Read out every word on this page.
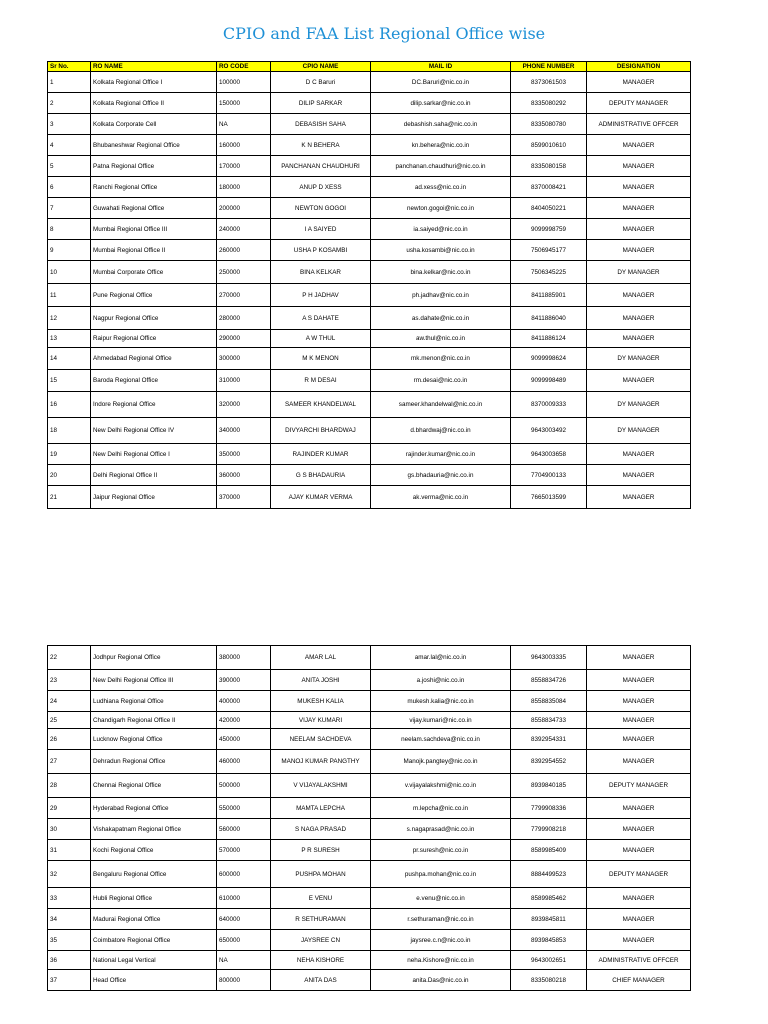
CPIO and FAA List Regional Office wise
Sr No.	RO NAME	RO CODE	CPIO NAME	MAIL ID	PHONE NUMBER	DESIGNATION
1	Kolkata Regional Office I	100000	D C Baruri	DC.Baruri@nic.co.in	8373061503	MANAGER
2	Kolkata Regional Office II	150000	DILIP SARKAR	dilip.sarkar@nic.co.in	8335080292	DEPUTY MANAGER
3	Kolkata Corporate Cell	NA	DEBASISH SAHA	debashish.saha@nic.co.in	8335080780	ADMINISTRATIVE OFFCER
4	Bhubaneshwar Regional Office	160000	K N BEHERA	kn.behera@nic.co.in	8599010610	MANAGER
5	Patna Regional Office	170000	PANCHANAN CHAUDHURI	panchanan.chaudhuri@nic.co.in	8335080158	MANAGER
6	Ranchi Regional Office	180000	ANUP D XESS	ad.xess@nic.co.in	8370008421	MANAGER
7	Guwahati Regional Office	200000	NEWTON GOGOI	newton.gogoi@nic.co.in	8404050221	MANAGER
8	Mumbai Regional Office III	240000	I A SAIYED	ia.saiyed@nic.co.in	9099998759	MANAGER
9	Mumbai Regional Office II	260000	USHA P KOSAMBI	usha.kosambi@nic.co.in	7506945177	MANAGER
10	Mumbai Corporate Office	250000	BINA KELKAR	bina.kelkar@nic.co.in	7506345225	DY MANAGER
11	Pune Regional Office	270000	P H JADHAV	ph.jadhav@nic.co.in	8411885901	MANAGER
12	Nagpur Regional Office	280000	A S DAHATE	as.dahate@nic.co.in	8411886040	MANAGER
13	Raipur Regional Office	290000	A W THUL	aw.thul@nic.co.in	8411886124	MANAGER
14	Ahmedabad Regional Office	300000	M K MENON	mk.menon@nic.co.in	9099998624	DY MANAGER
15	Baroda Regional Office	310000	R M DESAI	rm.desai@nic.co.in	9099998489	MANAGER
16	Indore Regional Office	320000	SAMEER KHANDELWAL	sameer.khandelwal@nic.co.in	8370009333	DY MANAGER
18	New Delhi Regional Office IV	340000	DIVYARCHI BHARDWAJ	d.bhardwaj@nic.co.in	9643003492	DY MANAGER
19	New Delhi Regional Office I	350000	RAJINDER KUMAR	rajinder.kumar@nic.co.in	9643003658	MANAGER
20	Delhi Regional Office II	360000	G S BHADAURIA	gs.bhadauria@nic.co.in	7704900133	MANAGER
21	Jaipur Regional Office	370000	AJAY KUMAR VERMA	ak.verma@nic.co.in	7665013599	MANAGER
22	Jodhpur Regional Office	380000	AMAR LAL	amar.lal@nic.co.in	9643003335	MANAGER
23	New Delhi Regional Office III	390000	ANITA JOSHI	a.joshi@nic.co.in	8558834726	MANAGER
24	Ludhiana Regional Office	400000	MUKESH KALIA	mukesh.kalia@nic.co.in	8558835084	MANAGER
25	Chandigarh Regional Office II	420000	VIJAY KUMARI	vijay.kumari@nic.co.in	8558834733	MANAGER
26	Lucknow Regional Office	450000	NEELAM SACHDEVA	neelam.sachdeva@nic.co.in	8392954331	MANAGER
27	Dehradun Regional Office	460000	MANOJ KUMAR PANGTHY	Manojk.pangtey@nic.co.in	8392954552	MANAGER
28	Chennai Regional Office	500000	V VIJAYALAKSHMI	v.vijayalakshmi@nic.co.in	8939840185	DEPUTY MANAGER
29	Hyderabad Regional Office	550000	MAMTA LEPCHA	m.lepcha@nic.co.in	7799908336	MANAGER
30	Vishakapatnam Regional Office	560000	S NAGA PRASAD	s.nagaprasad@nic.co.in	7799908218	MANAGER
31	Kochi Regional Office	570000	P R SURESH	pr.suresh@nic.co.in	8589985409	MANAGER
32	Bengaluru Regional Office	600000	PUSHPA MOHAN	pushpa.mohan@nic.co.in	8884499523	DEPUTY MANAGER
33	Hubli Regional Office	610000	E VENU	e.venu@nic.co.in	8589985462	MANAGER
34	Madurai Regional Office	640000	R SETHURAMAN	r.sethuraman@nic.co.in	8939845811	MANAGER
35	Coimbatore Regional Office	650000	JAYSREE CN	jaysree.c.n@nic.co.in	8939845853	MANAGER
36	National Legal Vertical	NA	NEHA KISHORE	neha.Kishore@nic.co.in	9643002651	ADMINISTRATIVE OFFCER
37	Head Office	800000	ANITA DAS	anita.Das@nic.co.in	8335080218	CHIEF MANAGER
